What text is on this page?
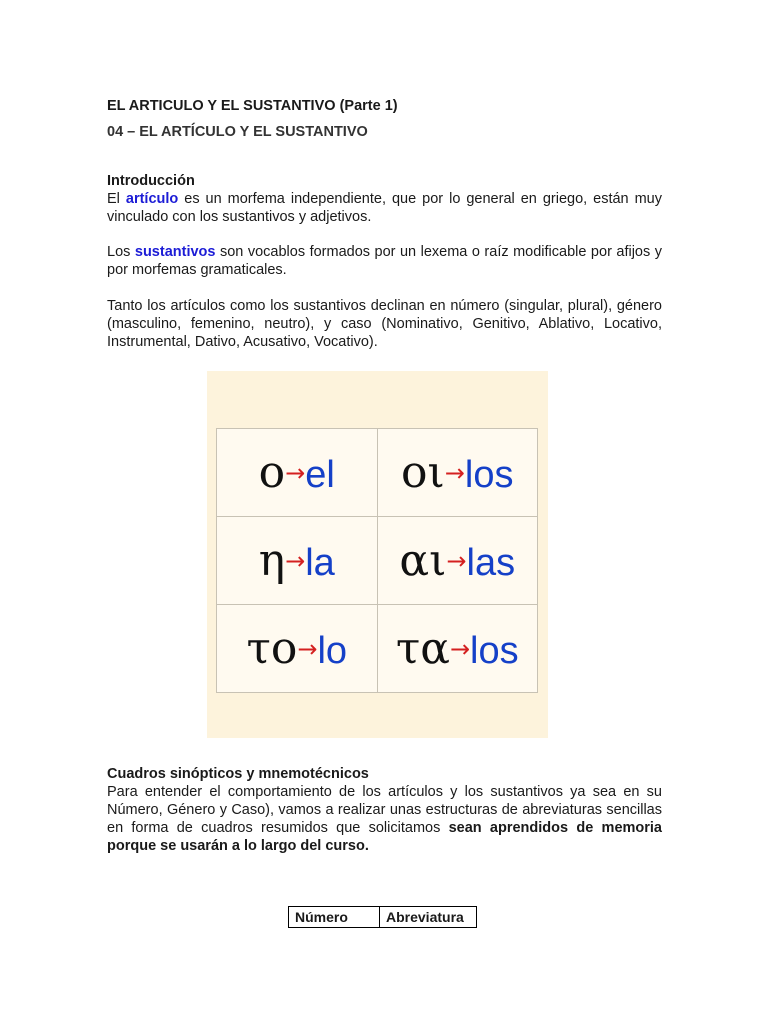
EL ARTICULO Y EL SUSTANTIVO (Parte 1)
04 – EL ARTÍCULO Y EL SUSTANTIVO
Introducción
El artículo es un morfema independiente, que por lo general en griego, están muy vinculado con los sustantivos y adjetivos.
Los sustantivos son vocablos formados por un lexema o raíz modificable por afijos y por morfemas gramaticales.
Tanto los artículos como los sustantivos declinan en número (singular, plural), género (masculino, femenino, neutro), y caso (Nominativo, Genitivo, Ablativo, Locativo, Instrumental, Dativo, Acusativo, Vocativo).
ο→el	οι→los
η→la	αι→las
το→lo	τα→los
Cuadros sinópticos y mnemotécnicos
Para entender el comportamiento de los artículos y los sustantivos ya sea en su Número, Género y Caso), vamos a realizar unas estructuras de abreviaturas sencillas en forma de cuadros resumidos que solicitamos sean aprendidos de memoria porque se usarán a lo largo del curso.
Número	Abreviatura
